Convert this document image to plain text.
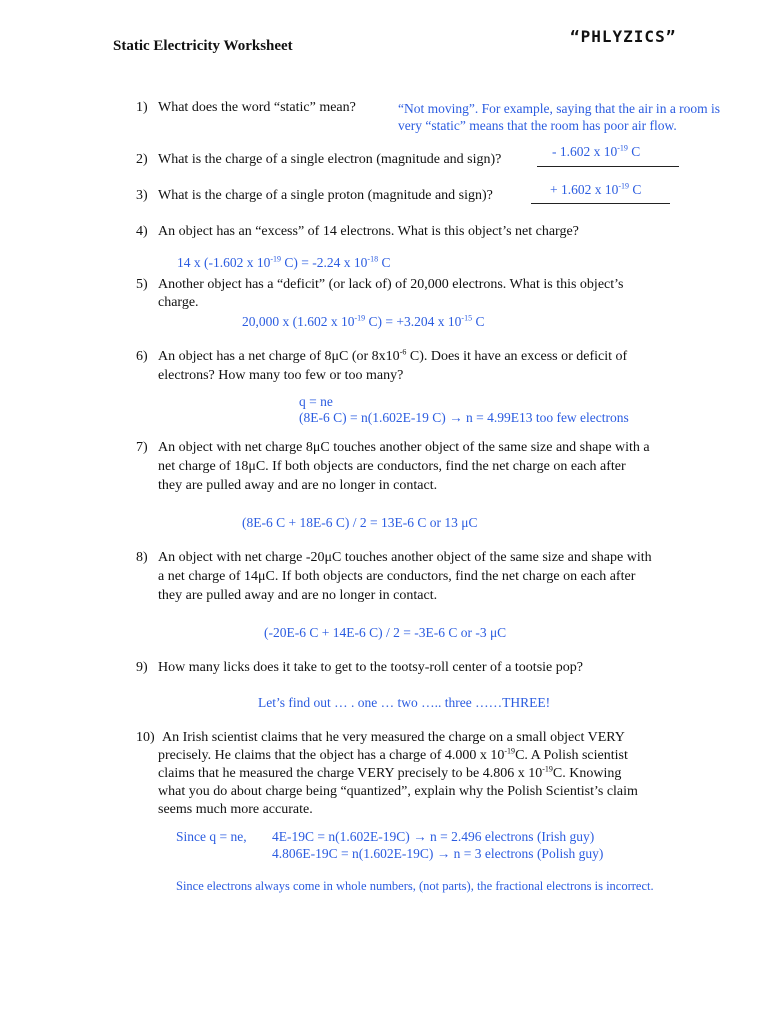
Static Electricity Worksheet	“PHLYZICS”
1) What does the word “static” mean?	“Not moving”. For example, saying that the air in a room is
very “static” means that the room has poor air flow.
2) What is the charge of a single electron (magnitude and sign)?
- 1.602 x $10^{-19}$ C
3) What is the charge of a single proton (magnitude and sign)?	+ 1.602 x $10^{-19}$ C
4) An object has an “excess” of 14 electrons. What is this object’s net charge?
14 x (-1.602 x $10^{-19}$ C) = -2.24 x $10^{-18}$ C
5) Another object has a “deficit” (or lack of) of 20,000 electrons. What is this object’s
charge.
20,000 x (1.602 x $10^{-19}$ C) = +3.204 x $10^{-15}$ C
6) An object has a net charge of 8μC (or $8x10^{-6}$ C). Does it have an excess or deficit of
electrons? How many too few or too many?
q = ne
(8E-6 C) = n(1.602E-19 C) → n = 4.99E13 too few electrons
7) An object with net charge 8μC touches another object of the same size and shape with a
net charge of 18μC. If both objects are conductors, find the net charge on each after
they are pulled away and are no longer in contact.
(8E-6 C + 18E-6 C) / 2 = 13E-6 C or 13 μC
8) An object with net charge -20μC touches another object of the same size and shape with
a net charge of 14μC. If both objects are conductors, find the net charge on each after
they are pulled away and are no longer in contact.
(-20E-6 C + 14E-6 C) / 2 = -3E-6 C or -3 μC
9) How many licks does it take to get to the tootsy-roll center of a tootsie pop?
Let’s find out … . one … two ….. three ……THREE!
10) An Irish scientist claims that he very measured the charge on a small object VERY
precisely. He claims that the object has a charge of 4.000 x $10^{-19}C$. A Polish scientist
claims that he measured the charge VERY precisely to be 4.806 x $10^{-19}C$. Knowing
what you do about charge being “quantized”, explain why the Polish Scientist’s claim
seems much more accurate.
Since q = ne, 4E-19C = n(1.602E-19C) → n = 2.496 electrons (Irish guy)
4.806E-19C = n(1.602E-19C) → n = 3 electrons (Polish guy)
Since electrons always come in whole numbers, (not parts), the fractional electrons is incorrect.
